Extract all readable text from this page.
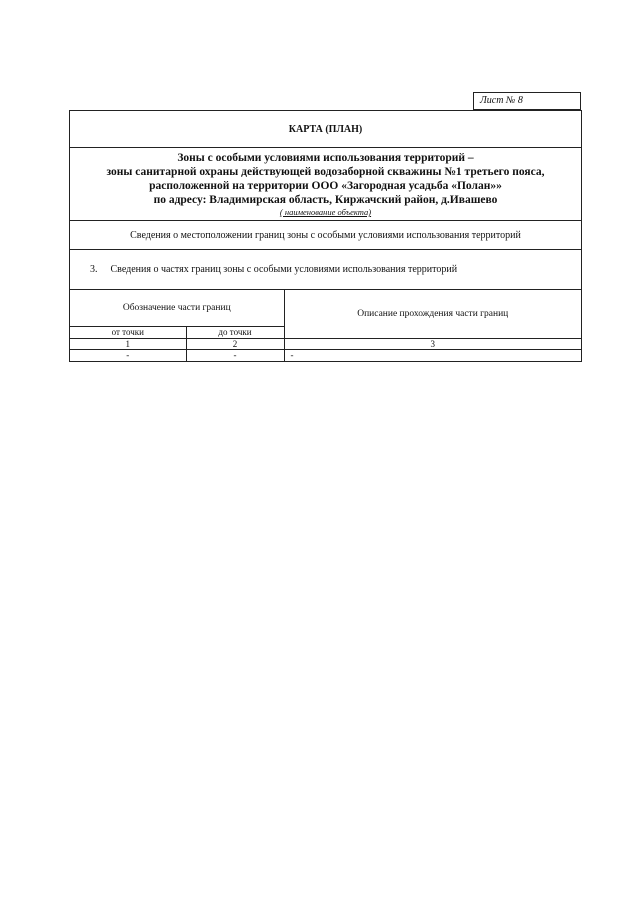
Лист № 8
КАРТА (ПЛАН)
Зоны с особыми условиями использования территорий –
зоны санитарной охраны действующей водозаборной скважины №1 третьего пояса,
расположенной на территории ООО «Загородная усадьба «Полан»»
по адресу: Владимирская область, Киржачский район, д.Ивашево
( наименование объекта)
Сведения о местоположении границ зоны с особыми условиями использования территорий
3. Сведения о частях границ зоны с особыми условиями использования территорий
Обозначение части границ		Описание прохождения части границ
от точки	до точки	
1	2	3
-	-	-
